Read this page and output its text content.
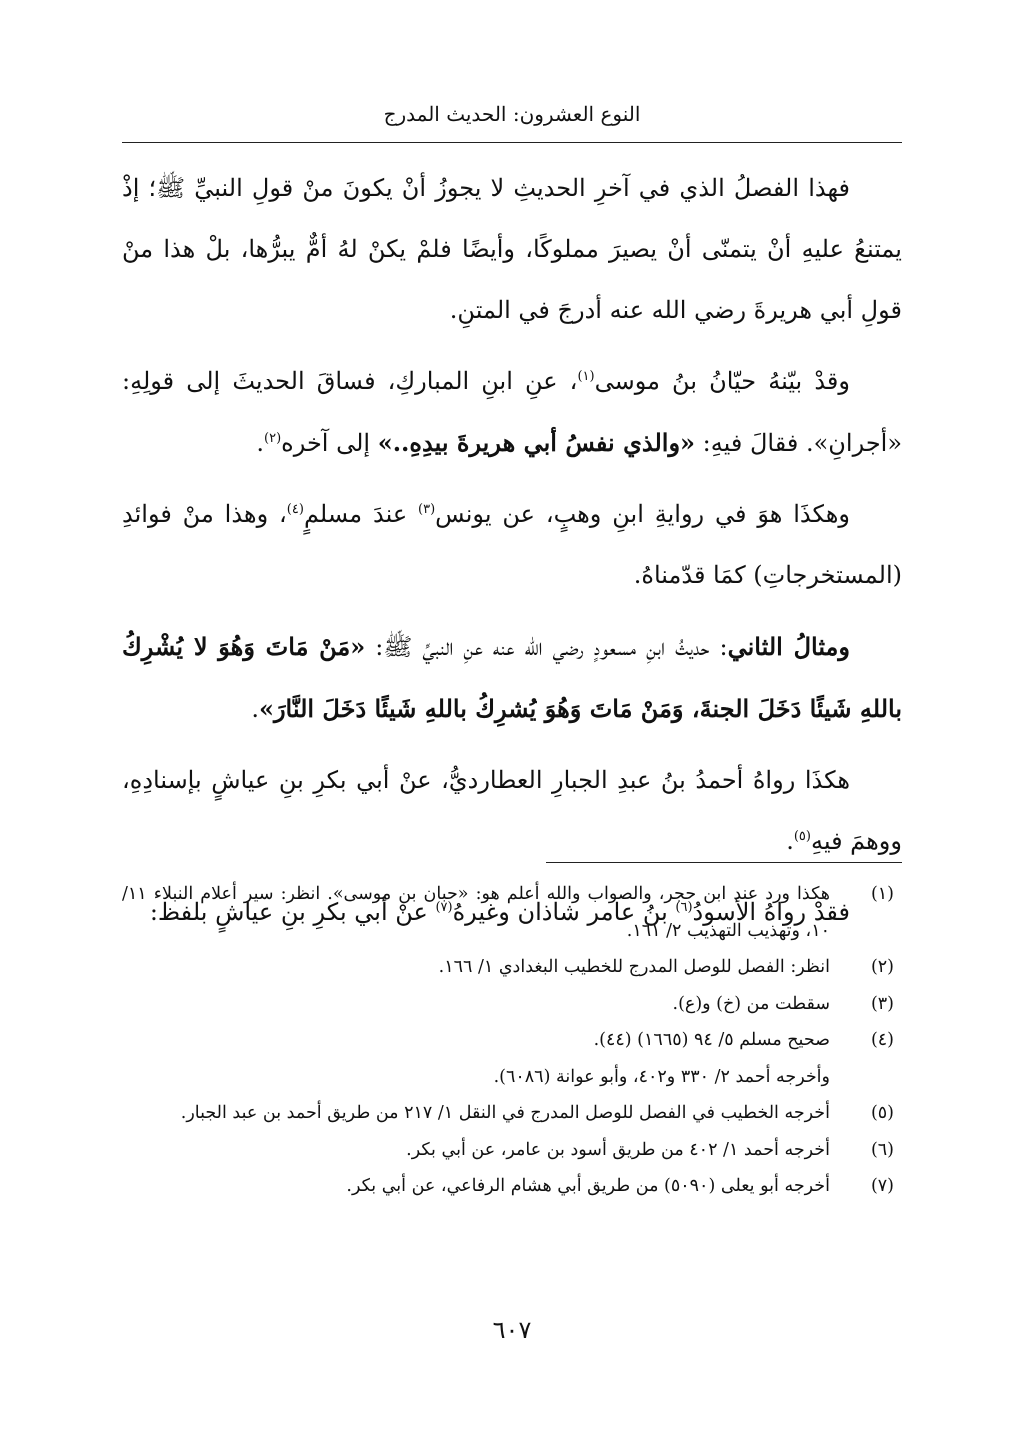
النوع العشرون: الحديث المدرج

فهذا الفصلُ الذي في آخرِ الحديثِ لا يجوزُ أنْ يكونَ منْ قولِ النبيِّ ﷺ؛ إذْ يمتنعُ عليهِ أنْ يتمنّى أنْ يصيرَ مملوكًا، وأيضًا فلمْ يكنْ لهُ أمٌّ يبرُّها، بلْ هذا منْ قولِ أبي هريرةَ رضي الله عنه أدرجَ في المتنِ.

وقدْ بيّنهُ حيّانُ بنُ موسى$^{(١)}$، عنِ ابنِ المباركِ، فساقَ الحديثَ إلى قولِهِ: «أجرانِ». فقالَ فيهِ: «والذي نفسُ أبي هريرةَ بيدِهِ..» إلى آخره$^{(٢)}$.

وهكذَا هوَ في روايةِ ابنِ وهبٍ، عن يونس$^{(٣)}$ عندَ مسلمٍ$^{(٤)}$، وهذا منْ فوائدِ (المستخرجاتِ) كمَا قدّمناهُ.

ومثالُ الثاني: حديثُ ابنِ مسعودٍ رضي الله عنه عنِ النبيِّ ﷺ: «مَنْ مَاتَ وَهُوَ لا يُشْرِكُ باللهِ شَيئًا دَخَلَ الجنةَ، وَمَنْ مَاتَ وَهُوَ يُشرِكُ باللهِ شَيئًا دَخَلَ النَّارَ».

هكذَا رواهُ أحمدُ بنُ عبدِ الجبارِ العطارديُّ، عنْ أبي بكرِ بنِ عياشٍ بإسنادِهِ، ووهمَ فيهِ$^{(٥)}$.

فقدْ رواهُ الأسودُ$^{(٦)}$ بنُ عامر شاذان وغيرهُ$^{(٧)}$ عنْ أبي بكرِ بنِ عياشٍ بلفظ:

(١)
هكذا ورد عند ابن حجر، والصواب والله أعلم هو: «حبان بن موسى». انظر: سير أعلام النبلاء ١١/ ١٠، وتهذيب التهذيب ٢/ ١٦١.
(٢)
انظر: الفصل للوصل المدرج للخطيب البغدادي ١/ ١٦٦.
(٣)
سقطت من (خ) و(ع).
(٤)
صحيح مسلم ٥/ ٩٤ (١٦٦٥) (٤٤).
وأخرجه أحمد ٢/ ٣٣٠ و٤٠٢، وأبو عوانة (٦٠٨٦).
(٥)
أخرجه الخطيب في الفصل للوصل المدرج في النقل ١/ ٢١٧ من طريق أحمد بن عبد الجبار.
(٦)
أخرجه أحمد ١/ ٤٠٢ من طريق أسود بن عامر، عن أبي بكر.
(٧)
أخرجه أبو يعلى (٥٠٩٠) من طريق أبي هشام الرفاعي، عن أبي بكر.
٦٠٧
